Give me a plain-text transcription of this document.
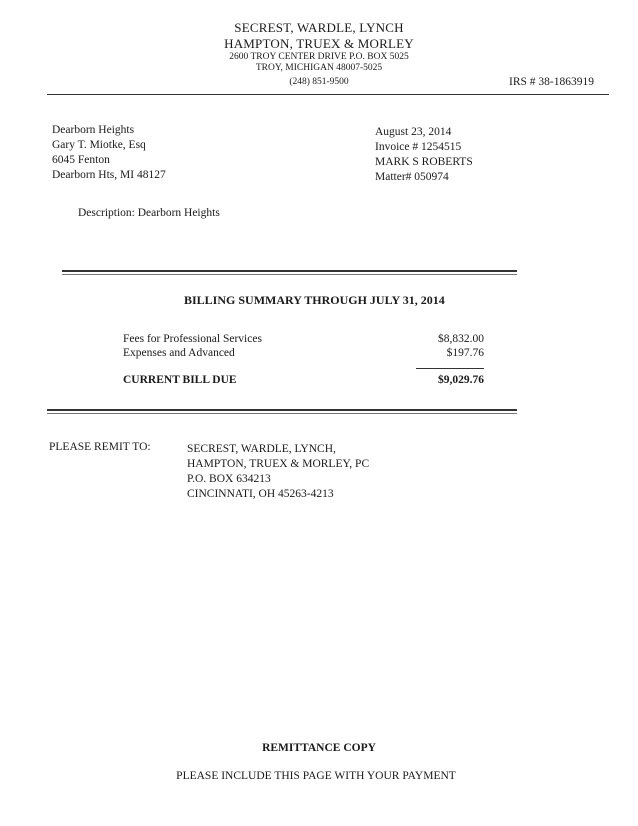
SECREST, WARDLE, LYNCH
HAMPTON, TRUEX & MORLEY
2600 TROY CENTER DRIVE P.O. BOX 5025
TROY, MICHIGAN 48007-5025
(248) 851-9500	IRS # 38-1863919
Dearborn Heights
Gary T. Miotke, Esq
6045 Fenton
Dearborn Hts, MI 48127
August 23, 2014
Invoice # 1254515
MARK S ROBERTS
Matter# 050974
Description: Dearborn Heights
BILLING SUMMARY THROUGH JULY 31, 2014
Fees for Professional Services	$8,832.00
Expenses and Advanced	$197.76
CURRENT BILL DUE	$9,029.76
PLEASE REMIT TO:	SECREST, WARDLE, LYNCH,
HAMPTON, TRUEX & MORLEY, PC
P.O. BOX 634213
CINCINNATI, OH 45263-4213
REMITTANCE COPY
PLEASE INCLUDE THIS PAGE WITH YOUR PAYMENT
